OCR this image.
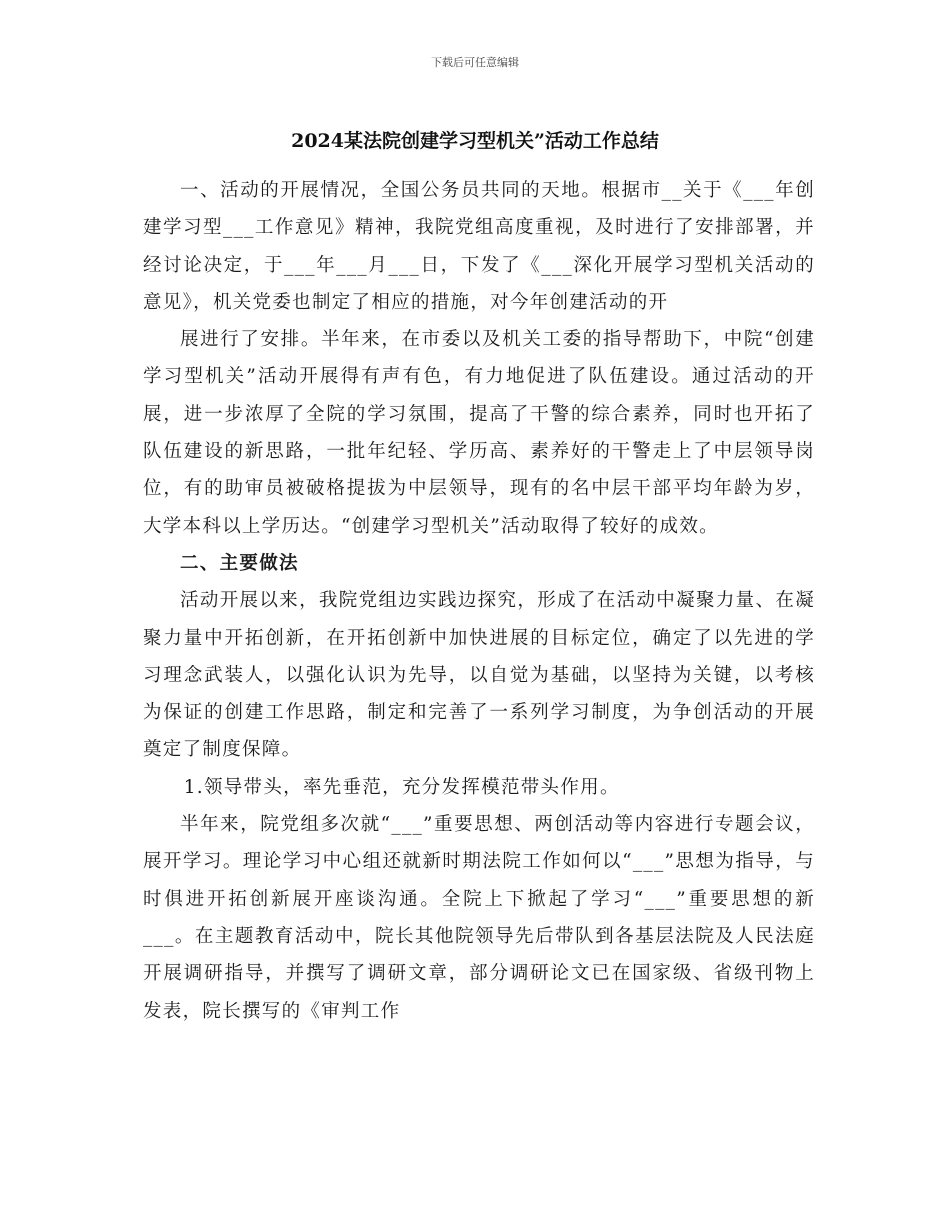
下载后可任意编辑
2024某法院创建学习型机关”活动工作总结

一、活动的开展情况，全国公务员共同的天地。根据市__关于《___年创建学习型___工作意见》精神，我院党组高度重视，及时进行了安排部署，并经讨论决定，于___年___月___日，下发了《___深化开展学习型机关活动的意见》，机关党委也制定了相应的措施，对今年创建活动的开

展进行了安排。半年来，在市委以及机关工委的指导帮助下，中院“创建学习型机关”活动开展得有声有色，有力地促进了队伍建设。通过活动的开展，进一步浓厚了全院的学习氛围，提高了干警的综合素养，同时也开拓了队伍建设的新思路，一批年纪轻、学历高、素养好的干警走上了中层领导岗位，有的助审员被破格提拔为中层领导，现有的名中层干部平均年龄为岁，大学本科以上学历达。“创建学习型机关”活动取得了较好的成效。

二、主要做法

活动开展以来，我院党组边实践边探究，形成了在活动中凝聚力量、在凝聚力量中开拓创新，在开拓创新中加快进展的目标定位，确定了以先进的学习理念武装人，以强化认识为先导，以自觉为基础，以坚持为关键，以考核为保证的创建工作思路，制定和完善了一系列学习制度，为争创活动的开展奠定了制度保障。

1.领导带头，率先垂范，充分发挥模范带头作用。

半年来，院党组多次就“___”重要思想、两创活动等内容进行专题会议，展开学习。理论学习中心组还就新时期法院工作如何以“___”思想为指导，与时俱进开拓创新展开座谈沟通。全院上下掀起了学习“___”重要思想的新___。在主题教育活动中，院长其他院领导先后带队到各基层法院及人民法庭开展调研指导，并撰写了调研文章，部分调研论文已在国家级、省级刊物上发表，院长撰写的《审判工作
